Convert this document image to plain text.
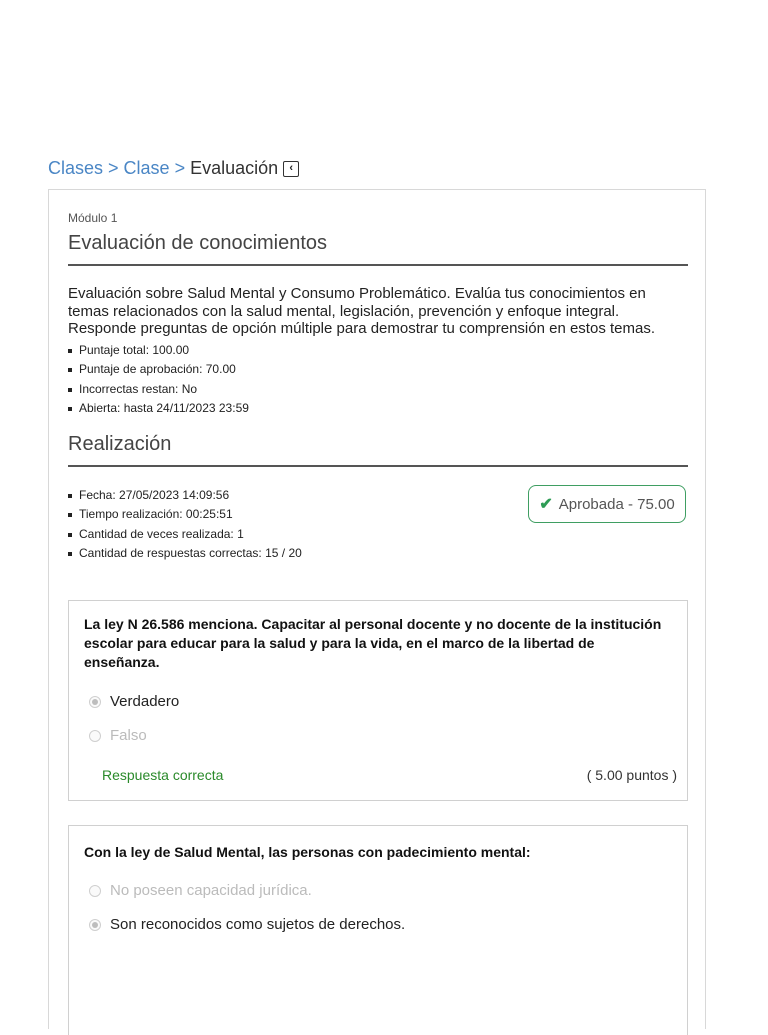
Clases > Clase > Evaluación	‹
Módulo 1
Evaluación de conocimientos

Evaluación sobre Salud Mental y Consumo Problemático. Evalúa tus conocimientos en

temas relacionados con la salud mental, legislación, prevención y enfoque integral.

Responde preguntas de opción múltiple para demostrar tu comprensión en estos temas.

Puntaje total: 100.00
Puntaje de aprobación: 70.00
Incorrectas restan: No
Abierta: hasta 24/11/2023 23:59
Realización
Fecha: 27/05/2023 14:09:56
Tiempo realización: 00:25:51
Cantidad de veces realizada: 1
Cantidad de respuestas correctas: 15 / 20
✔ Aprobada - 75.00
La ley N 26.586 menciona. Capacitar al personal docente y no docente de la institución
escolar para educar para la salud y para la vida, en el marco de la libertad de
enseñanza.
Verdadero
Falso
Respuesta correcta	( 5.00 puntos )
Con la ley de Salud Mental, las personas con padecimiento mental:
No poseen capacidad jurídica.
Son reconocidos como sujetos de derechos.
